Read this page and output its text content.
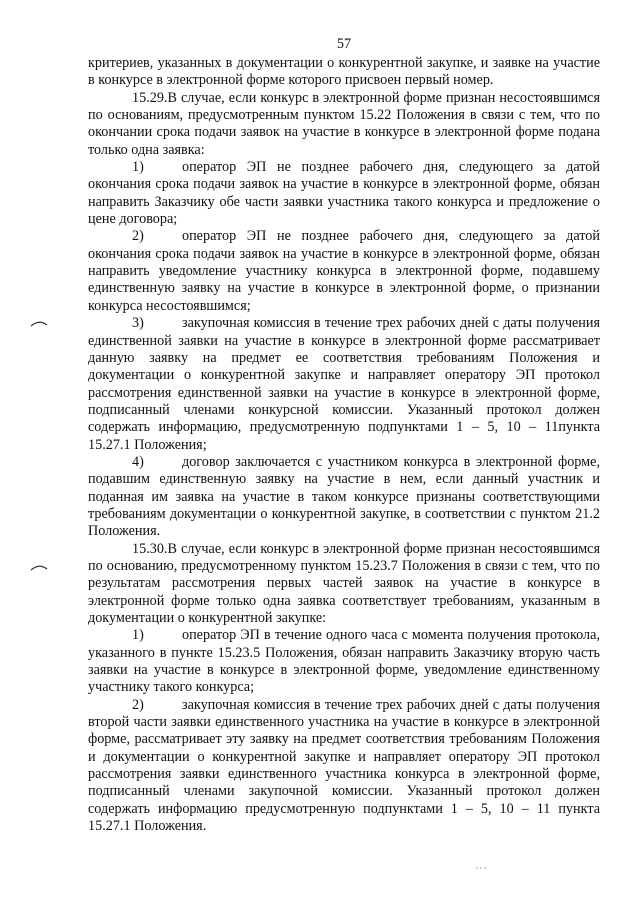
57

критериев, указанных в документации о конкурентной закупке, и заявке на участие в конкурсе в электронной форме которого присвоен первый номер.

15.29.В случае, если конкурс в электронной форме признан несостоявшимся по основаниям, предусмотренным пунктом 15.22 Положения в связи с тем, что по окончании срока подачи заявок на участие в конкурсе в электронной форме подана только одна заявка:

1)	оператор ЭП не позднее рабочего дня, следующего за датой окончания срока подачи заявок на участие в конкурсе в электронной форме, обязан направить Заказчику обе части заявки участника такого конкурса и предложение о цене договора;

2)	оператор ЭП не позднее рабочего дня, следующего за датой окончания срока подачи заявок на участие в конкурсе в электронной форме, обязан направить уведомление участнику конкурса в электронной форме, подавшему единственную заявку на участие в конкурсе в электронной форме, о признании конкурса несостоявшимся;

3)	закупочная комиссия в течение трех рабочих дней с даты получения единственной заявки на участие в конкурсе в электронной форме рассматривает данную заявку на предмет ее соответствия требованиям Положения и документации о конкурентной закупке и направляет оператору ЭП протокол рассмотрения единственной заявки на участие в конкурсе в электронной форме, подписанный членами конкурсной комиссии. Указанный протокол должен содержать информацию, предусмотренную подпунктами 1 – 5, 10 – 11пункта 15.27.1 Положения;

4)	договор заключается с участником конкурса в электронной форме, подавшим единственную заявку на участие в нем, если данный участник и поданная им заявка на участие в таком конкурсе признаны соответствующими требованиям документации о конкурентной закупке, в соответствии с пунктом 21.2 Положения.

15.30.В случае, если конкурс в электронной форме признан несостоявшимся по основанию, предусмотренному пунктом 15.23.7 Положения в связи с тем, что по результатам рассмотрения первых частей заявок на участие в конкурсе в электронной форме только одна заявка соответствует требованиям, указанным в документации о конкурентной закупке:

1)	оператор ЭП в течение одного часа с момента получения протокола, указанного в пункте 15.23.5 Положения, обязан направить Заказчику вторую часть заявки на участие в конкурсе в электронной форме, уведомление единственному участнику такого конкурса;

2)	закупочная комиссия в течение трех рабочих дней с даты получения второй части заявки единственного участника на участие в конкурсе в электронной форме, рассматривает эту заявку на предмет соответствия требованиям Положения и документации о конкурентной закупке и направляет оператору ЭП протокол рассмотрения заявки единственного участника конкурса в электронной форме, подписанный членами закупочной комиссии. Указанный протокол должен содержать информацию предусмотренную подпунктами 1 – 5, 10 – 11 пункта 15.27.1 Положения.
